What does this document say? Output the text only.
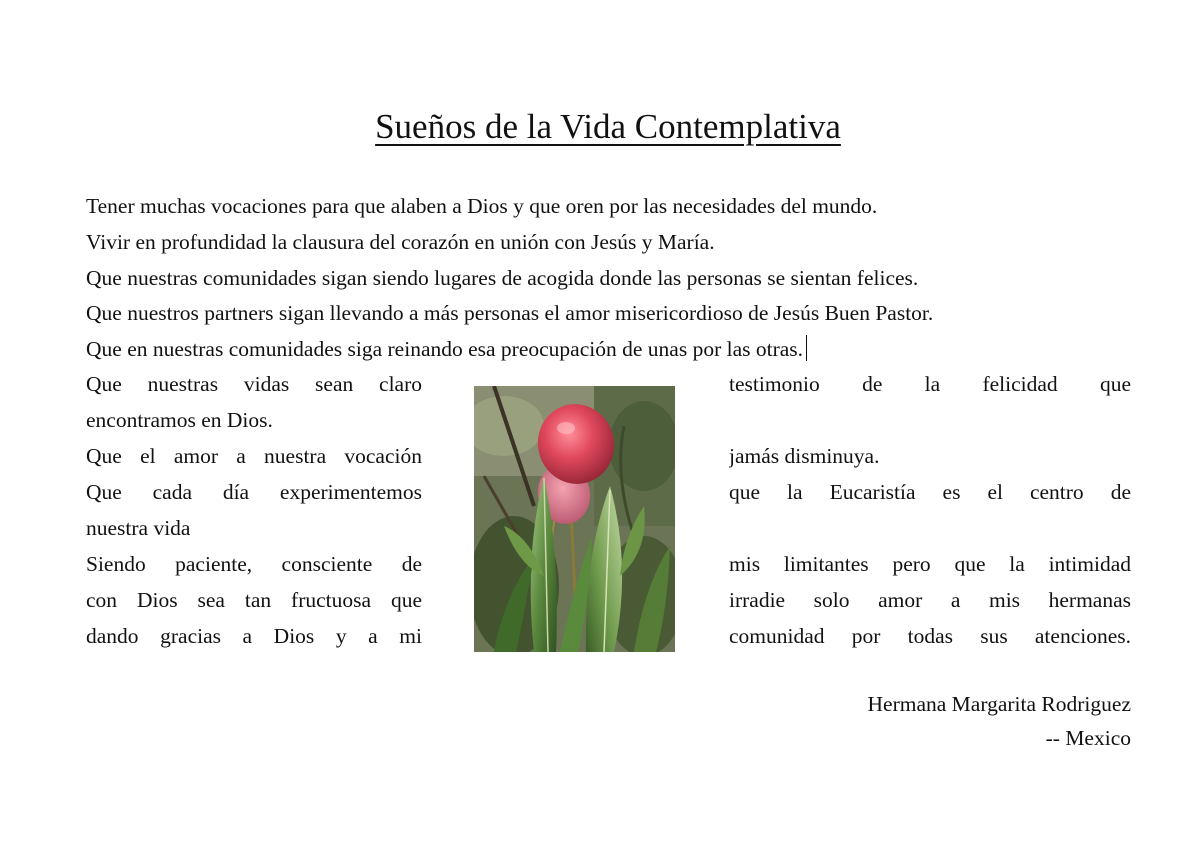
Sueños de la Vida Contemplativa
Tener muchas vocaciones para que alaben a Dios y que oren por las necesidades del mundo.
Vivir en profundidad la clausura del corazón en unión con Jesús y María.
Que nuestras comunidades sigan siendo lugares de acogida donde las personas se sientan felices.
Que nuestros partners sigan llevando a más personas el amor misericordioso de Jesús Buen Pastor.
Que en nuestras comunidades siga reinando esa preocupación de unas por las otras.
Que nuestras vidas sean claro
Que el amor a nuestra vocación
Que cada día experimentemos
Siendo paciente, consciente de
con Dios sea tan fructuosa que
dando gracias a Dios y a mi
testimonio de la felicidad que
jamás disminuya.
que la Eucaristía es el centro de
mis limitantes pero que la intimidad
irradie solo amor a mis hermanas
comunidad por todas sus atenciones.
encontramos en Dios.
nuestra vida
Hermana Margarita Rodriguez
-- Mexico
